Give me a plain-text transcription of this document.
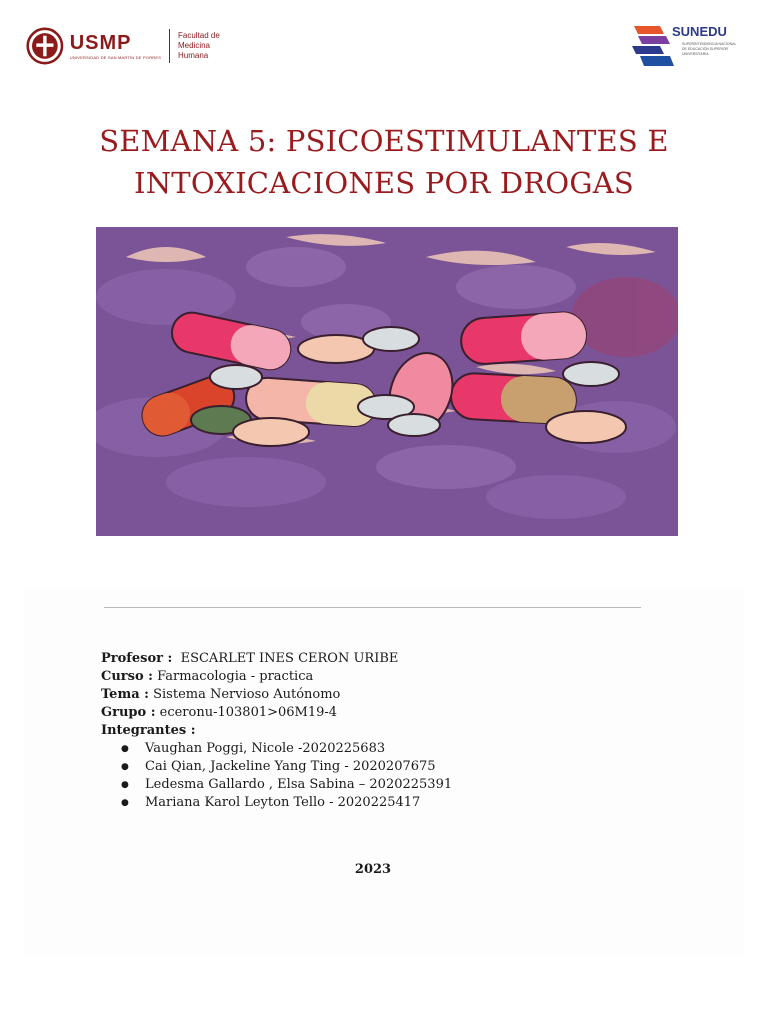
USMP
UNIVERSIDAD DE SAN MARTÍN DE PORRES
Facultad de Medicina Humana
SUNEDU
SUPERINTENDENCIA NACIONAL DE EDUCACIÓN SUPERIOR UNIVERSITARIA
SEMANA 5: PSICOESTIMULANTES E
INTOXICACIONES POR DROGAS
Profesor : ESCARLET INES CERON URIBE
Curso : Farmacologia - practica
Tema : Sistema Nervioso Autónomo
Grupo : eceronu-103801>06M19-4
Integrantes :
● Vaughan Poggi, Nicole -2020225683
● Cai Qian, Jackeline Yang Ting - 2020207675
● Ledesma Gallardo , Elsa Sabina – 2020225391
● Mariana Karol Leyton Tello - 2020225417
2023
